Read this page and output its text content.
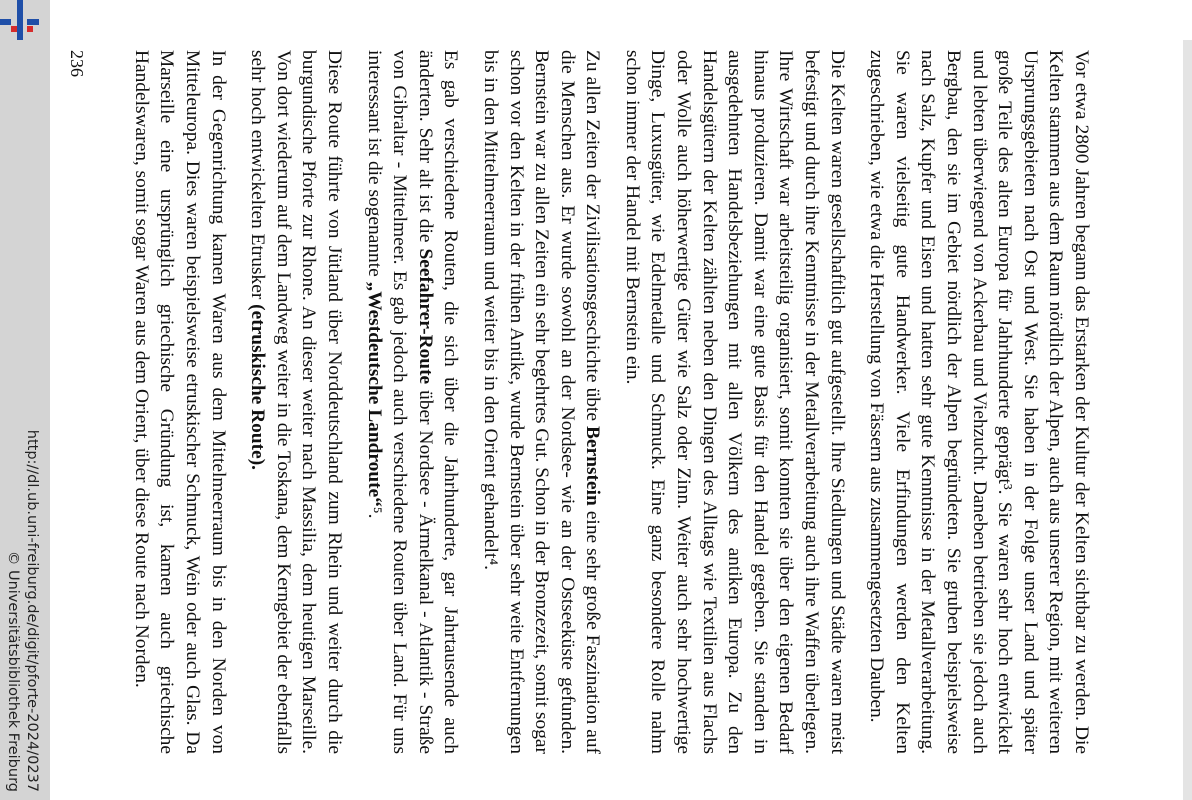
http://dl.ub.uni-freiburg.de/digit/pforte-2024/0237
© Universitätsbibliothek Freiburg	Vor etwa 2800 Jahren begann das Erstarken der Kultur der Kelten sichtbar zu werden. Die Kelten stammen aus dem Raum nördlich der Alpen, auch aus unserer Region, mit weiteren Ursprungsgebieten nach Ost und West. Sie haben in der Folge unser Land und später große Teile des alten Europa für Jahrhunderte geprägt³. Sie waren sehr hoch entwickelt und lebten überwiegend von Ackerbau und Viehzucht. Daneben betrieben sie jedoch auch Bergbau, den sie im Gebiet nördlich der Alpen begründeten. Sie gruben beispielsweise nach Salz, Kupfer und Eisen und hatten sehr gute Kenntnisse in der Metallverarbeitung. Sie waren vielseitig gute Handwerker. Viele Erfindungen werden den Kelten zugeschrieben, wie etwa die Herstellung von Fässern aus zusammengesetzten Dauben.

Die Kelten waren gesellschaftlich gut aufgestellt. Ihre Siedlungen und Städte waren meist befestigt und durch ihre Kenntnisse in der Metallverarbeitung auch ihre Waffen überlegen. Ihre Wirtschaft war arbeitsteilig organisiert, somit konnten sie über den eigenen Bedarf hinaus produzieren. Damit war eine gute Basis für den Handel gegeben. Sie standen in ausgedehnten Handelsbeziehungen mit allen Völkern des antiken Europa. Zu den Handelsgütern der Kelten zählten neben den Dingen des Alltags wie Textilien aus Flachs oder Wolle auch höherwertige Güter wie Salz oder Zinn. Weiter auch sehr hochwertige Dinge, Luxusgüter, wie Edelmetalle und Schmuck. Eine ganz besondere Rolle nahm schon immer der Handel mit Bernstein ein.

Zu allen Zeiten der Zivilisationsgeschichte übte Bernstein eine sehr große Faszination auf die Menschen aus. Er wurde sowohl an der Nordsee- wie an der Ostseeküste gefunden. Bernstein war zu allen Zeiten ein sehr begehrtes Gut. Schon in der Bronzezeit, somit sogar schon vor den Kelten in der frühen Antike, wurde Bernstein über sehr weite Entfernungen bis in den Mittelmeerraum und weiter bis in den Orient gehandelt⁴.

Es gab verschiedene Routen, die sich über die Jahrhunderte, gar Jahrtausende auch änderten. Sehr alt ist die Seefahrer-Route über Nordsee - Ärmelkanal - Atlantik - Straße von Gibraltar - Mittelmeer. Es gab jedoch auch verschiedene Routen über Land. Für uns interessant ist die sogenannte „Westdeutsche Landroute“⁵.

Diese Route führte von Jütland über Norddeutschland zum Rhein und weiter durch die burgundische Pforte zur Rhone. An dieser weiter nach Massilia, dem heutigen Marseille. Von dort wiederum auf dem Landweg weiter in die Toskana, dem Kerngebiet der ebenfalls sehr hoch entwickelten Etrusker (etruskische Route).

In der Gegenrichtung kamen Waren aus dem Mittelmeerraum bis in den Norden von Mitteleuropa. Dies waren beispielsweise etruskischer Schmuck, Wein oder auch Glas. Da Marseille eine ursprünglich griechische Gründung ist, kamen auch griechische Handelswaren, somit sogar Waren aus dem Orient, über diese Route nach Norden.

236
